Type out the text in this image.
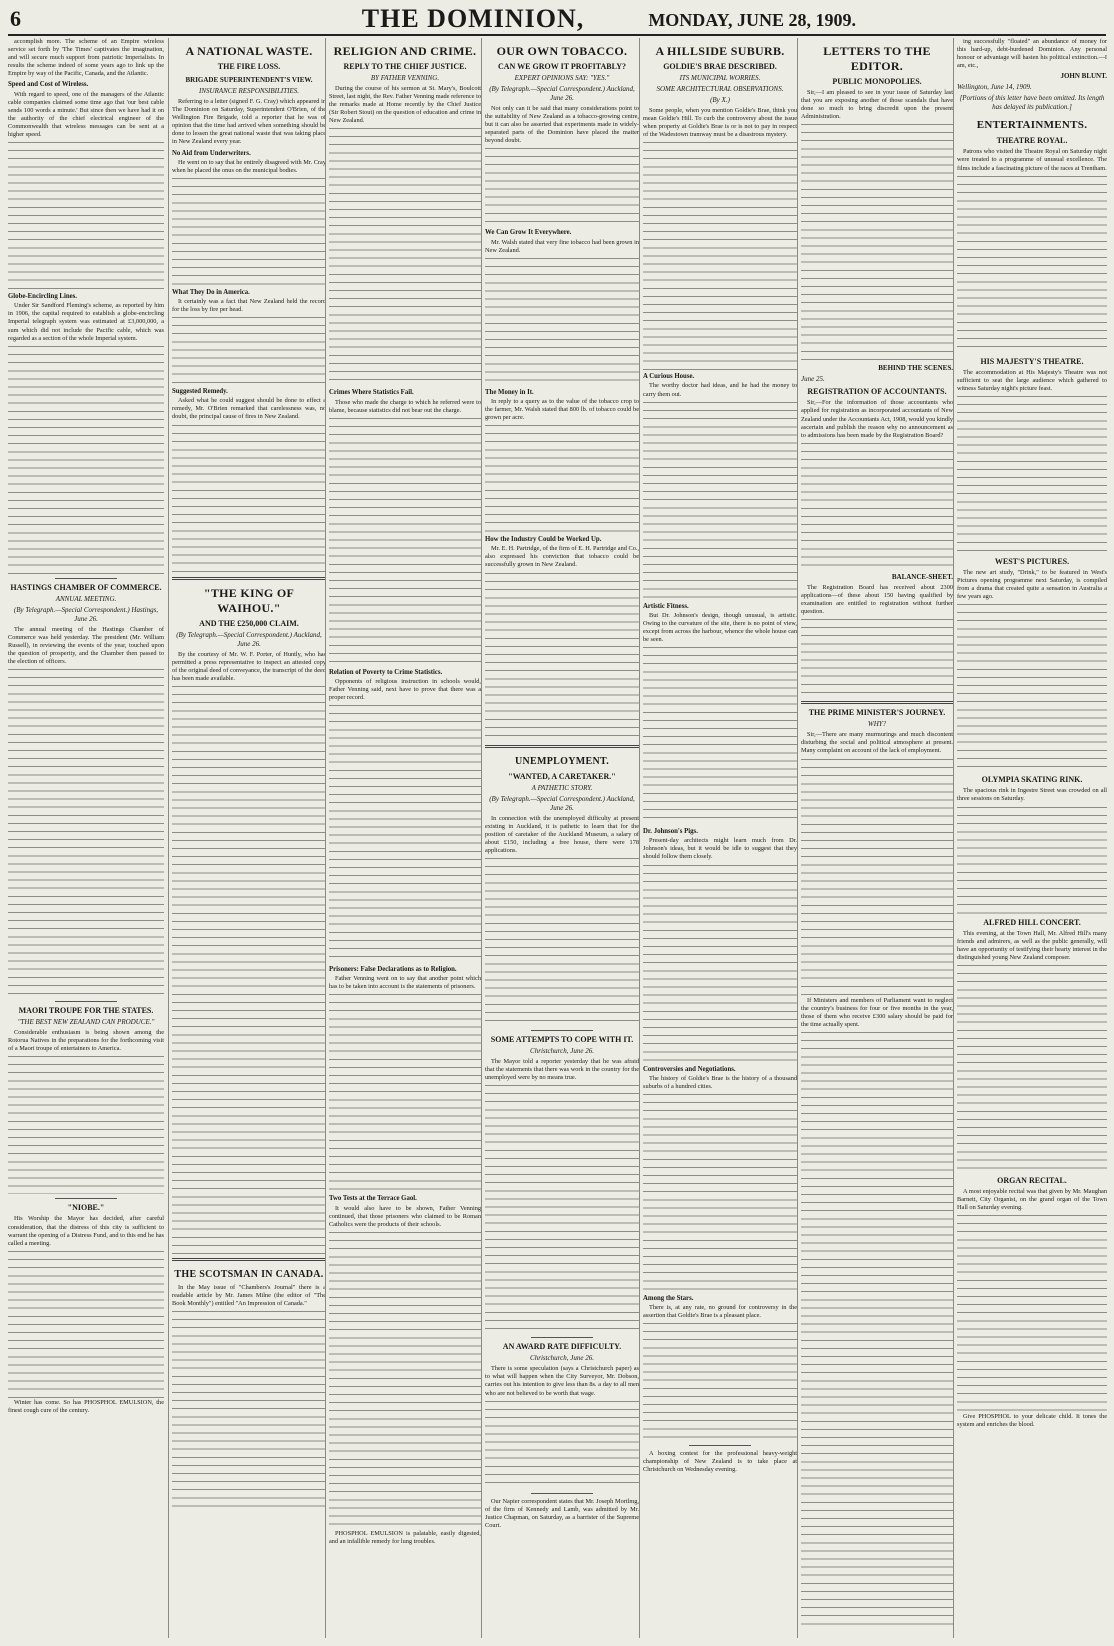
6	MONDAY, JUNE 28, 1909.
THE DOMINION,

accomplish more. The scheme of an Empire wireless service set forth by 'The Times' captivates the imagination, and will secure much support from patriotic Imperialists. In results the scheme indeed of some years ago to link up the Empire by way of the Pacific, Canada, and the Atlantic.

Speed and Cost of Wireless.

With regard to speed, one of the managers of the Atlantic cable companies claimed some time ago that 'our best cable sends 100 words a minute.' But since then we have had it on the authority of the chief electrical engineer of the Commonwealth that wireless messages can be sent at a higher speed.

Globe-Encircling Lines.

Under Sir Sandford Fleming's scheme, as reported by him in 1906, the capital required to establish a globe-encircling Imperial telegraph system was estimated at £3,000,000, a sum which did not include the Pacific cable, which was regarded as a section of the whole Imperial system.

HASTINGS CHAMBER OF COMMERCE.
ANNUAL MEETING.
(By Telegraph.—Special Correspondent.) Hastings, June 26.

The annual meeting of the Hastings Chamber of Commerce was held yesterday. The president (Mr. William Russell), in reviewing the events of the year, touched upon the question of prosperity, and the Chamber then passed to the election of officers.

MAORI TROUPE FOR THE STATES.
"THE BEST NEW ZEALAND CAN PRODUCE."

Considerable enthusiasm is being shown among the Rotorua Natives in the preparations for the forthcoming visit of a Maori troupe of entertainers to America.

"NIOBE."

His Worship the Mayor has decided, after careful consideration, that the distress of this city is sufficient to warrant the opening of a Distress Fund, and to this end he has called a meeting.

Winter has come. So has PHOSPHOL EMULSION, the finest cough cure of the century.

A NATIONAL WASTE.
THE FIRE LOSS.
BRIGADE SUPERINTENDENT'S VIEW.
INSURANCE RESPONSIBILITIES.

Referring to a letter (signed F. G. Cray) which appeared in The Dominion on Saturday, Superintendent O'Brien, of the Wellington Fire Brigade, told a reporter that he was of opinion that the time had arrived when something should be done to lessen the great national waste that was taking place in New Zealand every year.

No Aid from Underwriters.

He went on to say that he entirely disagreed with Mr. Cray when he placed the onus on the municipal bodies.

What They Do in America.

It certainly was a fact that New Zealand held the record for the loss by fire per head.

Suggested Remedy.

Asked what he could suggest should be done to effect a remedy, Mr. O'Brien remarked that carelessness was, no doubt, the principal cause of fires in New Zealand.

"THE KING OF WAIHOU."
AND THE £250,000 CLAIM.
(By Telegraph.—Special Correspondent.) Auckland, June 26.

By the courtesy of Mr. W. F. Porter, of Huntly, who has permitted a press representative to inspect an attested copy of the original deed of conveyance, the transcript of the deed has been made available.

THE SCOTSMAN IN CANADA.

In the May issue of "Chambers's Journal" there is a readable article by Mr. James Milne (the editor of "The Book Monthly") entitled "An Impression of Canada."

RELIGION AND CRIME.
REPLY TO THE CHIEF JUSTICE.
BY FATHER VENNING.

During the course of his sermon at St. Mary's, Boulcott Street, last night, the Rev. Father Venning made reference to the remarks made at Home recently by the Chief Justice (Sir Robert Stout) on the question of education and crime in New Zealand.

Crimes Where Statistics Fail.

Those who made the charge to which he referred were to blame, because statistics did not bear out the charge.

Relation of Poverty to Crime Statistics.

Opponents of religious instruction in schools would, Father Venning said, next have to prove that there was a proper record.

Prisoners: False Declarations as to Religion.

Father Venning went on to say that another point which has to be taken into account is the statements of prisoners.

Two Tests at the Terrace Gaol.

It would also have to be shown, Father Venning continued, that those prisoners who claimed to be Roman Catholics were the products of their schools.

PHOSPHOL EMULSION is palatable, easily digested, and an infallible remedy for lung troubles.

OUR OWN TOBACCO.
CAN WE GROW IT PROFITABLY?
EXPERT OPINIONS SAY: "YES."
(By Telegraph.—Special Correspondent.) Auckland, June 26.

Not only can it be said that many considerations point to the suitability of New Zealand as a tobacco-growing centre, but it can also be asserted that experiments made in widely-separated parts of the Dominion have placed the matter beyond doubt.

We Can Grow It Everywhere.

Mr. Walsh stated that very fine tobacco had been grown in New Zealand.

The Money in It.

In reply to a query as to the value of the tobacco crop to the farmer, Mr. Walsh stated that 800 lb. of tobacco could be grown per acre.

How the Industry Could be Worked Up.

Mr. E. H. Partridge, of the firm of E. H. Partridge and Co., also expressed his conviction that tobacco could be successfully grown in New Zealand.

UNEMPLOYMENT.
"WANTED, A CARETAKER."
A PATHETIC STORY.
(By Telegraph.—Special Correspondent.) Auckland, June 26.

In connection with the unemployed difficulty at present existing in Auckland, it is pathetic to learn that for the position of caretaker of the Auckland Museum, a salary of about £150, including a free house, there were 178 applications.

SOME ATTEMPTS TO COPE WITH IT.
Christchurch, June 26.

The Mayor told a reporter yesterday that he was afraid that the statements that there was work in the country for the unemployed were by no means true.

AN AWARD RATE DIFFICULTY.
Christchurch, June 26.

There is some speculation (says a Christchurch paper) as to what will happen when the City Surveyor, Mr. Dobson, carries out his intention to give less than 8s. a day to all men who are not believed to be worth that wage.

Our Napier correspondent states that Mr. Joseph Mortlmg, of the firm of Kennedy and Lamb, was admitted by Mr. Justice Chapman, on Saturday, as a barrister of the Supreme Court.

A HILLSIDE SUBURB.
GOLDIE'S BRAE DESCRIBED.
ITS MUNICIPAL WORRIES.
SOME ARCHITECTURAL OBSERVATIONS.
(By X.)

Some people, when you mention Goldie's Brae, think you mean Goldie's Hill. To curb the controversy about the issue when property at Goldie's Brae is or is not to pay in respect of the Wadestown tramway must be a disastrous mystery.

A Curious House.

The worthy doctor had ideas, and he had the money to carry them out.

Artistic Fitness.

But Dr. Johnson's design, though unusual, is artistic. Owing to the curvature of the site, there is no point of view, except from across the harbour, whence the whole house can be seen.

Dr. Johnson's Pigs.

Present-day architects might learn much from Dr. Johnson's ideas, but it would be idle to suggest that they should follow them closely.

Controversies and Negotiations.

The history of Goldie's Brae is the history of a thousand suburbs of a hundred cities.

Among the Stars.

There is, at any rate, no ground for controversy in the assertion that Goldie's Brae is a pleasant place.

A boxing contest for the professional heavy-weight championship of New Zealand is to take place at Christchurch on Wednesday evening.

LETTERS TO THE EDITOR.
PUBLIC MONOPOLIES.

Sir,—I am pleased to see in your issue of Saturday last that you are exposing another of those scandals that have done so much to bring discredit upon the present Administration.

BEHIND THE SCENES.
June 25.
REGISTRATION OF ACCOUNTANTS.

Sir,—For the information of those accountants who applied for registration as incorporated accountants of New Zealand under the Accountants Act, 1908, would you kindly ascertain and publish the reason why no announcement as to admissions has been made by the Registration Board?

BALANCE-SHEET.

The Registration Board has received about 2300 applications—of these about 150 having qualified by examination are entitled to registration without further question.

THE PRIME MINISTER'S JOURNEY.
WHY?

Sir,—There are many murmurings and much discontent disturbing the social and political atmosphere at present. Many complaint on account of the lack of employment.

If Ministers and members of Parliament want to neglect the country's business for four or five months in the year, those of them who receive £300 salary should be paid for the time actually spent.

ing successfully "floated" an abundance of money for this hard-up, debt-burdened Dominion. Any personal honour or advantage will hasten his political extinction.—I am, etc.,

JOHN BLUNT.
Wellington, June 14, 1909.
[Portions of this letter have been omitted. Its length has delayed its publication.]
ENTERTAINMENTS.
THEATRE ROYAL.

Patrons who visited the Theatre Royal on Saturday night were treated to a programme of unusual excellence. The films include a fascinating picture of the races at Trentham.

HIS MAJESTY'S THEATRE.

The accommodation at His Majesty's Theatre was not sufficient to seat the large audience which gathered to witness Saturday night's picture feast.

WEST'S PICTURES.

The new art study, "Drink," to be featured in West's Pictures opening programme next Saturday, is compiled from a drama that created quite a sensation in Australia a few years ago.

OLYMPIA SKATING RINK.

The spacious rink in Ingestre Street was crowded on all three sessions on Saturday.

ALFRED HILL CONCERT.

This evening, at the Town Hall, Mr. Alfred Hill's many friends and admirers, as well as the public generally, will have an opportunity of testifying their hearty interest in the distinguished young New Zealand composer.

ORGAN RECITAL.

A most enjoyable recital was that given by Mr. Maughan Barnett, City Organist, on the grand organ of the Town Hall on Saturday evening.

Give PHOSPHOL to your delicate child. It tones the system and enriches the blood.
